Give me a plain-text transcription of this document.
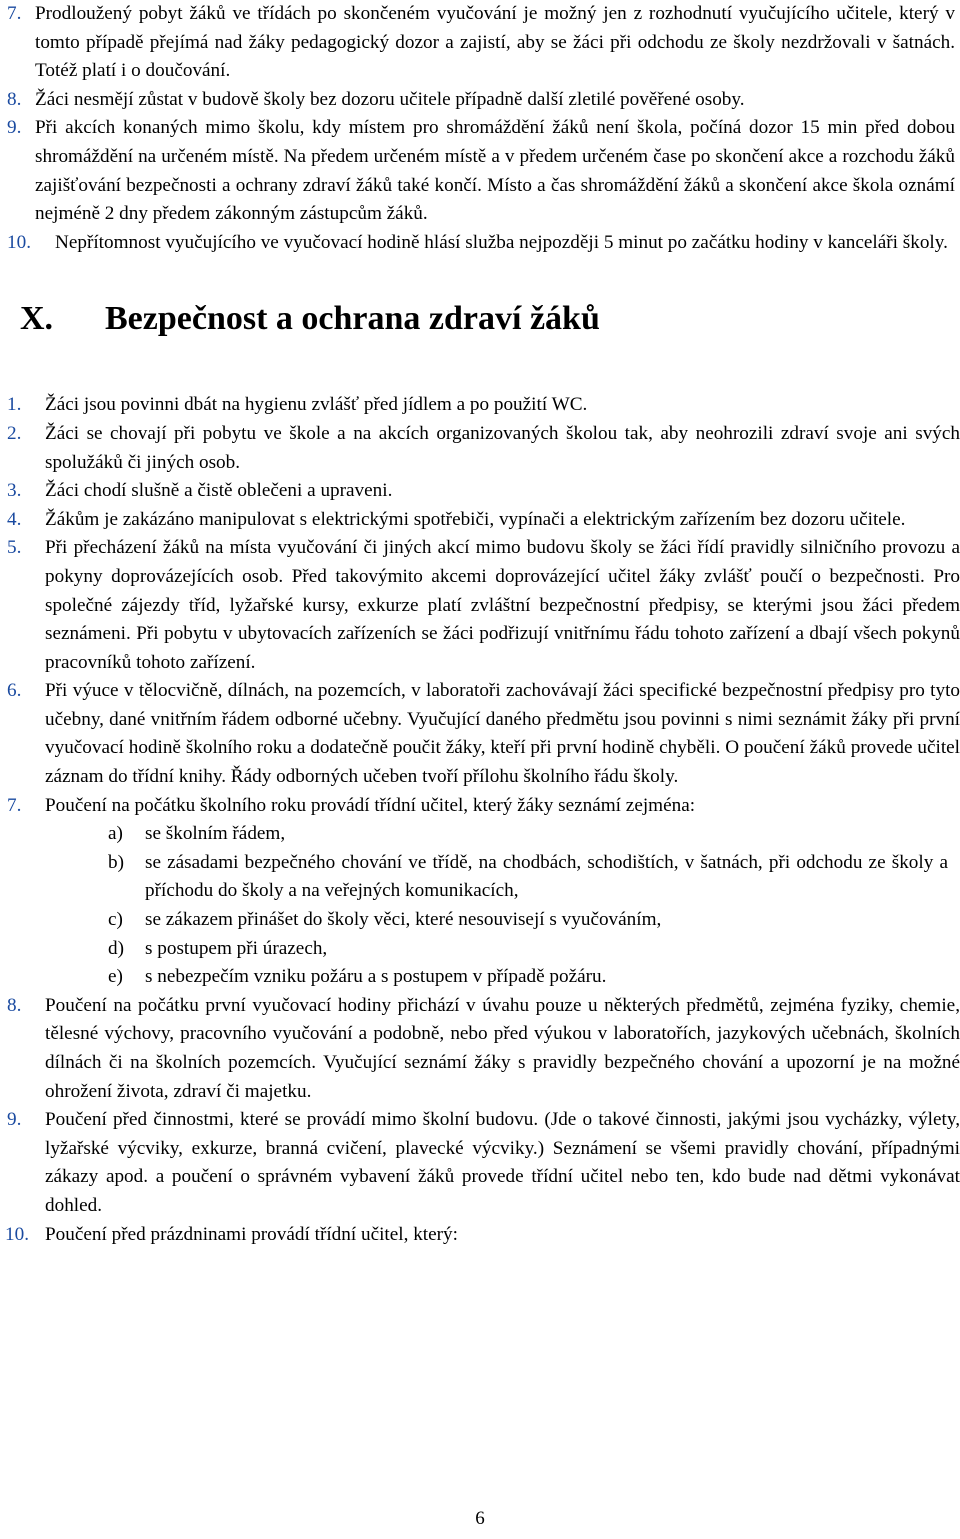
7. Prodloužený pobyt žáků ve třídách po skončeném vyučování je možný jen z rozhodnutí vyučujícího učitele, který v tomto případě přejímá nad žáky pedagogický dozor a zajistí, aby se žáci při odchodu ze školy nezdržovali v šatnách. Totéž platí i o doučování.
8. Žáci nesmějí zůstat v budově školy bez dozoru učitele případně další zletilé pověřené osoby.
9. Při akcích konaných mimo školu, kdy místem pro shromáždění žáků není škola, počíná dozor 15 min před dobou shromáždění na určeném místě. Na předem určeném místě a v předem určeném čase po skončení akce a rozchodu žáků zajišťování bezpečnosti a ochrany zdraví žáků také končí. Místo a čas shromáždění žáků a skončení akce škola oznámí nejméně 2 dny předem zákonným zástupcům žáků.
10.	Nepřítomnost vyučujícího ve vyučovací hodině hlásí služba nejpozději 5 minut po začátku hodiny v kanceláři školy.
X.	Bezpečnost a ochrana zdraví žáků
1.	Žáci jsou povinni dbát na hygienu zvlášť před jídlem a po použití WC.
2.	Žáci se chovají při pobytu ve škole a na akcích organizovaných školou tak, aby neohrozili zdraví svoje ani svých spolužáků či jiných osob.
3.	Žáci chodí slušně a čistě oblečeni a upraveni.
4.	Žákům je zakázáno manipulovat s elektrickými spotřebiči, vypínači a elektrickým zařízením bez dozoru učitele.
5.	Při přecházení žáků na místa vyučování či jiných akcí mimo budovu školy se žáci řídí pravidly silničního provozu a pokyny doprovázejících osob. Před takovýmito akcemi doprovázející učitel žáky zvlášť poučí o bezpečnosti. Pro společné zájezdy tříd, lyžařské kursy, exkurze platí zvláštní bezpečnostní předpisy, se kterými jsou žáci předem seznámeni. Při pobytu v ubytovacích zařízeních se žáci podřizují vnitřnímu řádu tohoto zařízení a dbají všech pokynů pracovníků tohoto zařízení.
6.	Při výuce v tělocvičně, dílnách, na pozemcích, v laboratoři zachovávají žáci specifické bezpečnostní předpisy pro tyto učebny, dané vnitřním řádem odborné učebny. Vyučující daného předmětu jsou povinni s nimi seznámit žáky při první vyučovací hodině školního roku a dodatečně poučit žáky, kteří při první hodině chyběli. O poučení žáků provede učitel záznam do třídní knihy. Řády odborných učeben tvoří přílohu školního řádu školy.
7.	Poučení na počátku školního roku provádí třídní učitel, který žáky seznámí zejména:
a)	se školním řádem,
b)	se zásadami bezpečného chování ve třídě, na chodbách, schodištích, v šatnách, při odchodu ze školy a příchodu do školy a na veřejných komunikacích,
c)	se zákazem přinášet do školy věci, které nesouvisejí s vyučováním,
d)	s postupem při úrazech,
e)	s nebezpečím vzniku požáru a s postupem v případě požáru.
8.	Poučení na počátku první vyučovací hodiny přichází v úvahu pouze u některých předmětů, zejména fyziky, chemie, tělesné výchovy, pracovního vyučování a podobně, nebo před výukou v laboratořích, jazykových učebnách, školních dílnách či na školních pozemcích. Vyučující seznámí žáky s pravidly bezpečného chování a upozorní je na možné ohrožení života, zdraví či majetku.
9.	Poučení před činnostmi, které se provádí mimo školní budovu. (Jde o takové činnosti, jakými jsou vycházky, výlety, lyžařské výcviky, exkurze, branná cvičení, plavecké výcviky.) Seznámení se všemi pravidly chování, případnými zákazy apod. a poučení o správném vybavení žáků provede třídní učitel nebo ten, kdo bude nad dětmi vykonávat dohled.
10. Poučení před prázdninami provádí třídní učitel, který:
6
